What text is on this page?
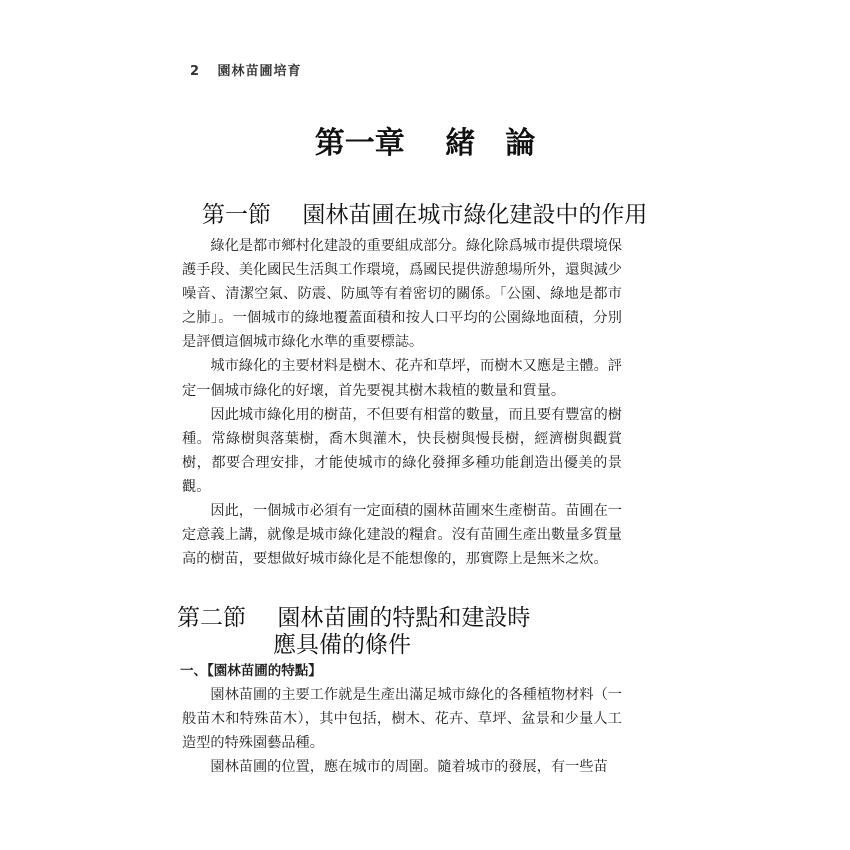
2 園林苗圃培育
第一章 緒論
第一節 園林苗圃在城市綠化建設中的作用

綠化是都市鄉村化建設的重要組成部分。綠化除爲城市提供環境保護手段、美化國民生活與工作環境，爲國民提供游憩場所外，還與減少噪音、清潔空氣、防震、防風等有着密切的關係。「公園、綠地是都市之肺」。一個城市的綠地覆蓋面積和按人口平均的公園綠地面積，分別是評價這個城市綠化水準的重要標誌。

城市綠化的主要材料是樹木、花卉和草坪，而樹木又應是主體。評定一個城市綠化的好壞，首先要視其樹木栽植的數量和質量。

因此城市綠化用的樹苗，不但要有相當的數量，而且要有豐富的樹種。常綠樹與落葉樹，喬木與灌木，快長樹與慢長樹，經濟樹與觀賞樹，都要合理安排，才能使城市的綠化發揮多種功能創造出優美的景觀。

因此，一個城市必須有一定面積的園林苗圃來生產樹苗。苗圃在一定意義上講，就像是城市綠化建設的糧倉。沒有苗圃生產出數量多質量高的樹苗，要想做好城市綠化是不能想像的，那實際上是無米之炊。

第二節 園林苗圃的特點和建設時
應具備的條件
一、【園林苗圃的特點】

園林苗圃的主要工作就是生產出滿足城市綠化的各種植物材料（一般苗木和特殊苗木），其中包括，樹木、花卉、草坪、盆景和少量人工造型的特殊園藝品種。

園林苗圃的位置，應在城市的周圍。隨着城市的發展，有一些苗
